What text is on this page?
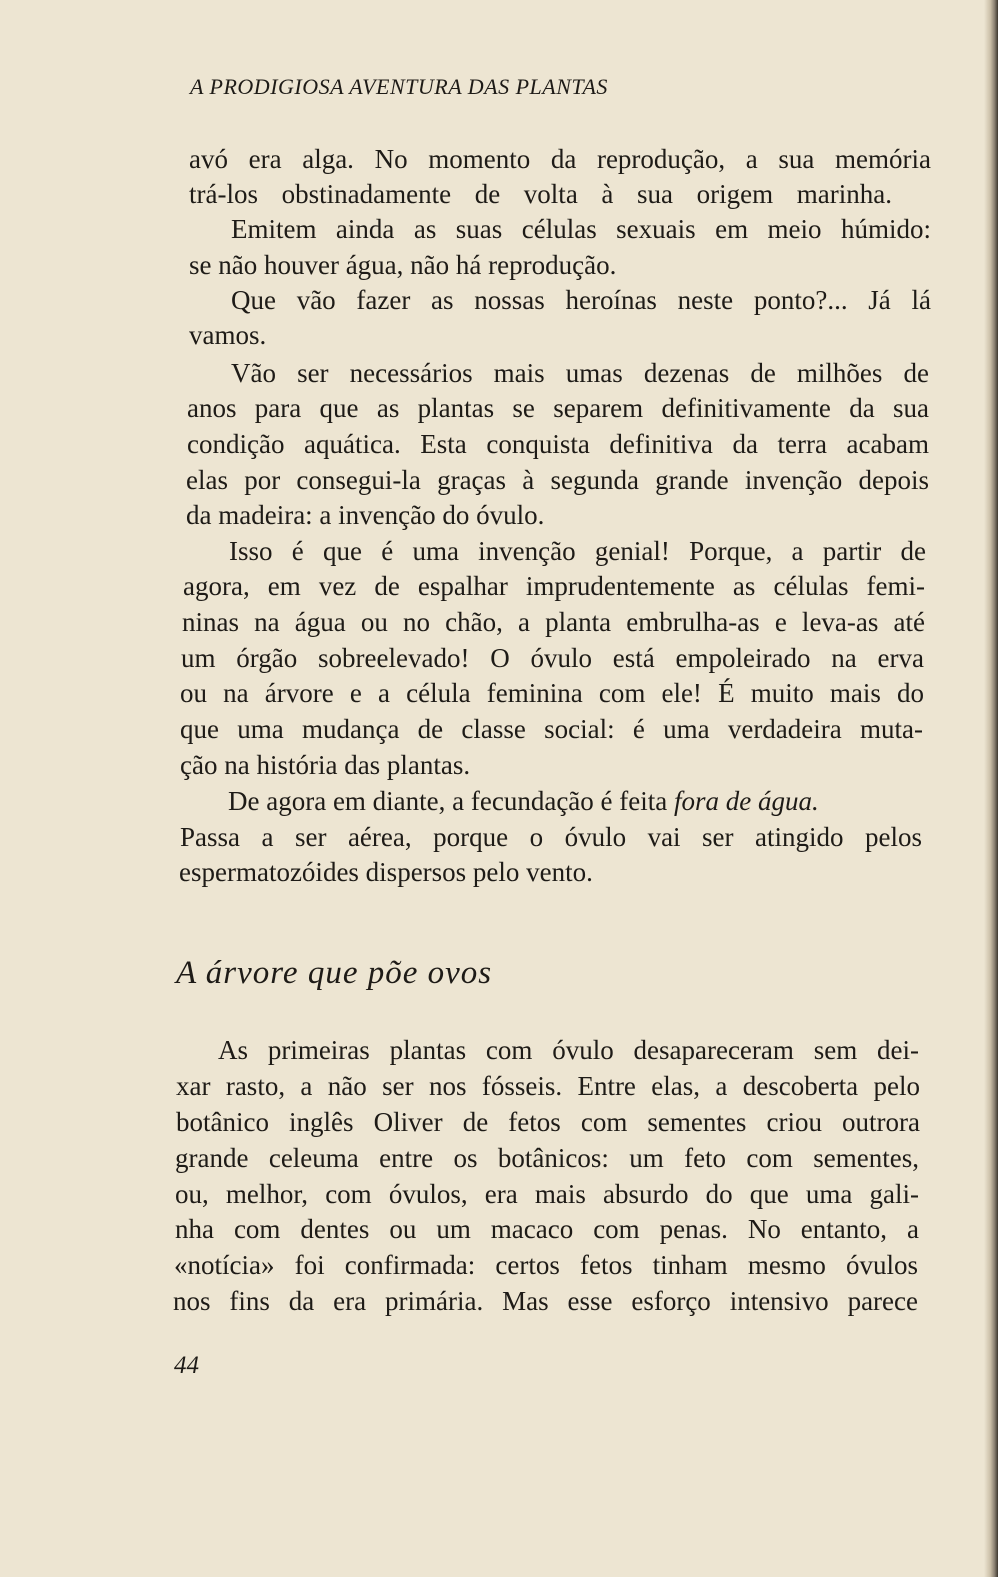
A PRODIGIOSA AVENTURA DAS PLANTAS
avó era alga. No momento da reprodução, a sua memória
trá-los obstinadamente de volta à sua origem marinha.
Emitem ainda as suas células sexuais em meio húmido:
se não houver água, não há reprodução.
Que vão fazer as nossas heroínas neste ponto?... Já lá
vamos.
Vão ser necessários mais umas dezenas de milhões de
anos para que as plantas se separem definitivamente da sua
condição aquática. Esta conquista definitiva da terra acabam
elas por consegui-la graças à segunda grande invenção depois
da madeira: a invenção do óvulo.
Isso é que é uma invenção genial! Porque, a partir de
agora, em vez de espalhar imprudentemente as células femi-
ninas na água ou no chão, a planta embrulha-as e leva-as até
um órgão sobreelevado! O óvulo está empoleirado na erva
ou na árvore e a célula feminina com ele! É muito mais do
que uma mudança de classe social: é uma verdadeira muta-
ção na história das plantas.
De agora em diante, a fecundação é feita fora de água.
Passa a ser aérea, porque o óvulo vai ser atingido pelos
espermatozóides dispersos pelo vento.
A árvore que põe ovos
As primeiras plantas com óvulo desapareceram sem dei-
xar rasto, a não ser nos fósseis. Entre elas, a descoberta pelo
botânico inglês Oliver de fetos com sementes criou outrora
grande celeuma entre os botânicos: um feto com sementes,
ou, melhor, com óvulos, era mais absurdo do que uma gali-
nha com dentes ou um macaco com penas. No entanto, a
«notícia» foi confirmada: certos fetos tinham mesmo óvulos
nos fins da era primária. Mas esse esforço intensivo parece
44
